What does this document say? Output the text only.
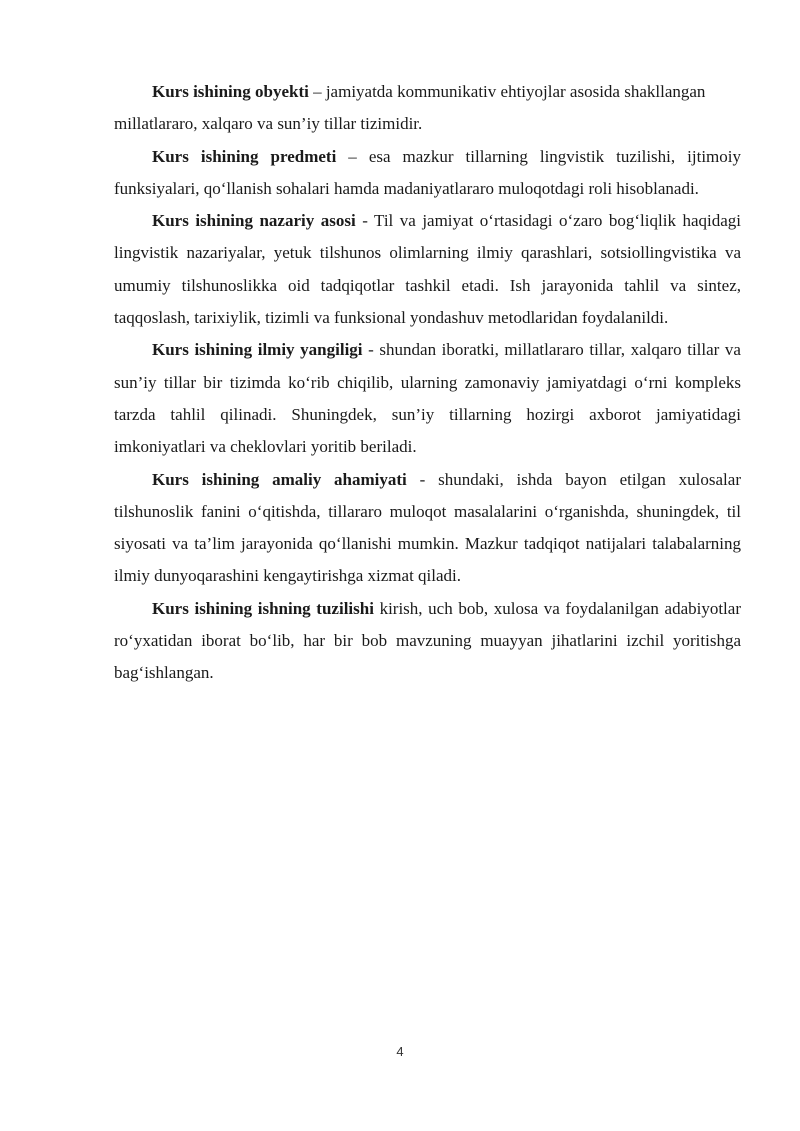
Kurs ishining obyekti – jamiyatda kommunikativ ehtiyojlar asosida shakllangan millatlararo, xalqaro va sun’iy tillar tizimidir.

Kurs ishining predmeti – esa mazkur tillarning lingvistik tuzilishi, ijtimoiy funksiyalari, qo‘llanish sohalari hamda madaniyatlararo muloqotdagi roli hisoblanadi.

Kurs ishining nazariy asosi - Til va jamiyat o‘rtasidagi o‘zaro bog‘liqlik haqidagi lingvistik nazariyalar, yetuk tilshunos olimlarning ilmiy qarashlari, sotsiollingvistika va umumiy tilshunoslikka oid tadqiqotlar tashkil etadi. Ish jarayonida tahlil va sintez, taqqoslash, tarixiylik, tizimli va funksional yondashuv metodlaridan foydalanildi.

Kurs ishining ilmiy yangiligi - shundan iboratki, millatlararo tillar, xalqaro tillar va sun’iy tillar bir tizimda ko‘rib chiqilib, ularning zamonaviy jamiyatdagi o‘rni kompleks tarzda tahlil qilinadi. Shuningdek, sun’iy tillarning hozirgi axborot jamiyatidagi imkoniyatlari va cheklovlari yoritib beriladi.

Kurs ishining amaliy ahamiyati - shundaki, ishda bayon etilgan xulosalar tilshunoslik fanini o‘qitishda, tillararo muloqot masalalarini o‘rganishda, shuningdek, til siyosati va ta’lim jarayonida qo‘llanishi mumkin. Mazkur tadqiqot natijalari talabalarning ilmiy dunyoqarashini kengaytirishga xizmat qiladi.

Kurs ishining ishning tuzilishi kirish, uch bob, xulosa va foydalanilgan adabiyotlar ro‘yxatidan iborat bo‘lib, har bir bob mavzuning muayyan jihatlarini izchil yoritishga bag‘ishlangan.

4
